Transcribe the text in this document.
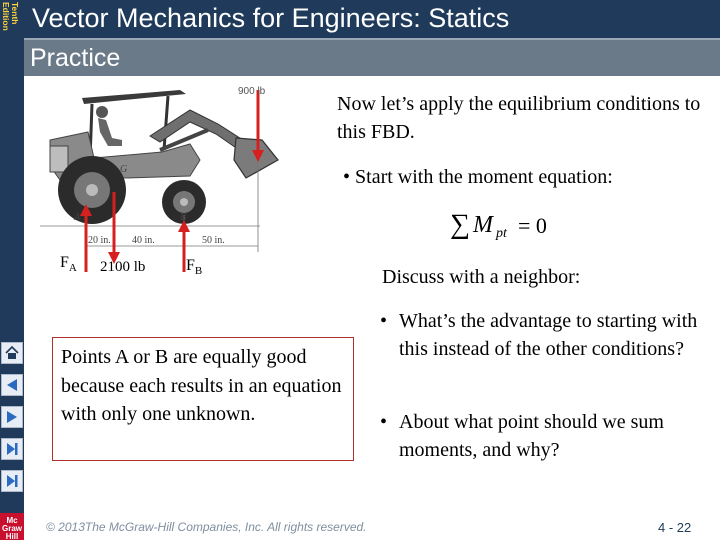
Tenth
Edition
Mc
Graw
Hill
Vector Mechanics for Engineers: Statics
Practice
900 lb
A	B
G
20 in. 40 in.	50 in.
$F_A$ 2100 lb	$F_B$
Now let’s apply the equilibrium conditions to this FBD.
• Start with the moment equation:
∑ M pt = 0
Discuss with a neighbor:
• What’s the advantage to starting with this instead of the other conditions?
• About what point should we sum moments, and why?
Points A or B are equally good because each results in an equation with only one unknown.
© 2013The McGraw-Hill Companies, Inc. All rights reserved.	4 - 22
